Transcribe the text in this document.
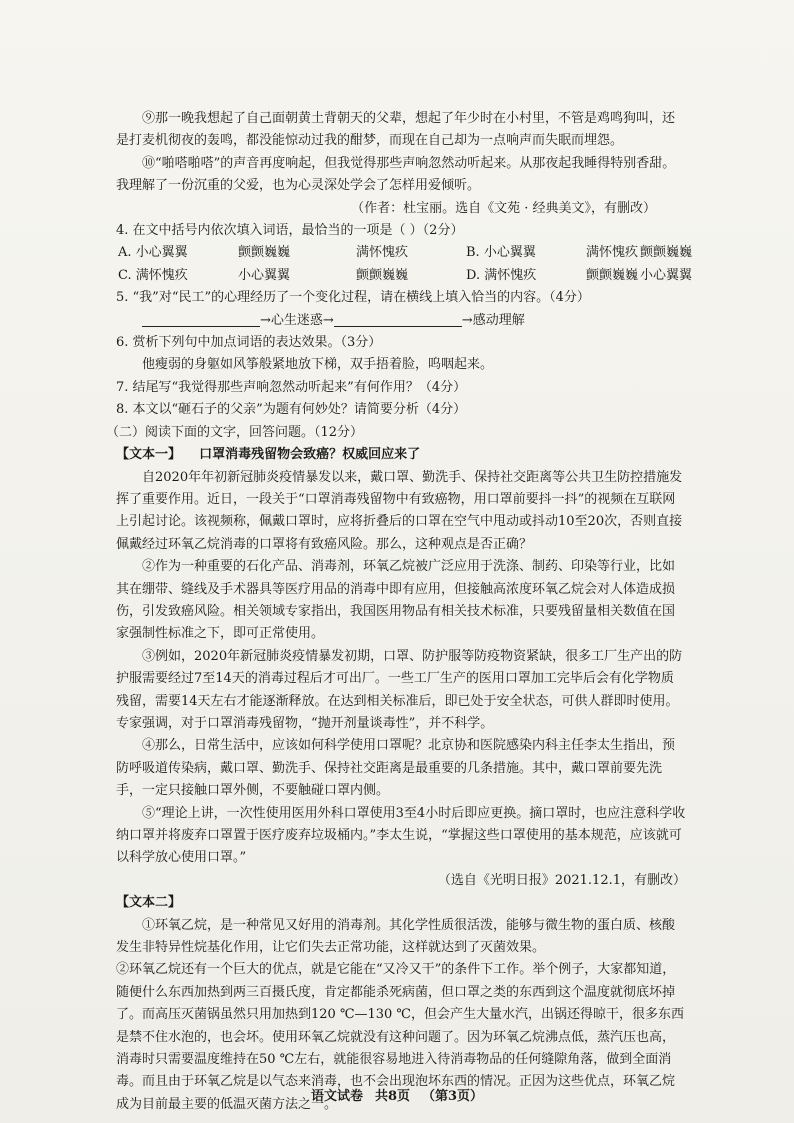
⑨那一晚我想起了自己面朝黄土背朝天的父辈，想起了年少时在小村里，不管是鸡鸣狗叫，还是打麦机彻夜的轰鸣，都没能惊动过我的酣梦，而现在自己却为一点响声而失眠而埋怨。

⑩“啪嗒啪嗒”的声音再度响起，但我觉得那些声响忽然动听起来。从那夜起我睡得特别香甜。我理解了一份沉重的父爱，也为心灵深处学会了怎样用爱倾听。

（作者：杜宝丽。选自《文苑 · 经典美文》，有删改）

4. 在文中括号内依次填入词语，最恰当的一项是（ ）（2分）

A. 小心翼翼	颤颤巍巍	满怀愧疚	B. 小心翼翼	满怀愧疚 颤颤巍巍
C. 满怀愧疚	小心翼翼	颤颤巍巍	D. 满怀愧疚	颤颤巍巍 小心翼翼

5. “我”对“民工”的心理经历了一个变化过程，请在横线上填入恰当的内容。（4分）

→心生迷惑→	→感动理解

6. 赏析下列句中加点词语的表达效果。（3分）

他瘦弱的身躯如风筝般紧地放下梯，双手捂着脸，呜咽起来。

7. 结尾写“我觉得那些声响忽然动听起来”有何作用？（4分）

8. 本文以“砸石子的父亲”为题有何妙处？请简要分析（4分）

（二）阅读下面的文字，回答问题。（12分）

【文本一】 口罩消毒残留物会致癌？权威回应来了

自2020年年初新冠肺炎疫情暴发以来，戴口罩、勤洗手、保持社交距离等公共卫生防控措施发挥了重要作用。近日，一段关于“口罩消毒残留物中有致癌物，用口罩前要抖一抖”的视频在互联网上引起讨论。该视频称，佩戴口罩时，应将折叠后的口罩在空气中甩动或抖动10至20次，否则直接佩戴经过环氧乙烷消毒的口罩将有致癌风险。那么，这种观点是否正确？

②作为一种重要的石化产品、消毒剂，环氧乙烷被广泛应用于洗涤、制药、印染等行业，比如其在绷带、缝线及手术器具等医疗用品的消毒中即有应用，但接触高浓度环氧乙烷会对人体造成损伤，引发致癌风险。相关领域专家指出，我国医用物品有相关技术标准，只要残留量相关数值在国家强制性标准之下，即可正常使用。

③例如，2020年新冠肺炎疫情暴发初期，口罩、防护服等防疫物资紧缺，很多工厂生产出的防护服需要经过7至14天的消毒过程后才可出厂。一些工厂生产的医用口罩加工完毕后会有化学物质残留，需要14天左右才能逐渐释放。在达到相关标准后，即已处于安全状态，可供人群即时使用。专家强调，对于口罩消毒残留物，“抛开剂量谈毒性”，并不科学。

④那么，日常生活中，应该如何科学使用口罩呢？北京协和医院感染内科主任李太生指出，预防呼吸道传染病，戴口罩、勤洗手、保持社交距离是最重要的几条措施。其中，戴口罩前要先洗手，一定只接触口罩外侧，不要触碰口罩内侧。

⑤“理论上讲，一次性使用医用外科口罩使用3至4小时后即应更换。摘口罩时，也应注意科学收纳口罩并将废弃口罩置于医疗废弃垃圾桶内。”李太生说，“掌握这些口罩使用的基本规范，应该就可以科学放心使用口罩。”

（选自《光明日报》2021.12.1，有删改）

【文本二】

①环氧乙烷，是一种常见又好用的消毒剂。其化学性质很活泼，能够与微生物的蛋白质、核酸发生非特异性烷基化作用，让它们失去正常功能，这样就达到了灭菌效果。

②环氧乙烷还有一个巨大的优点，就是它能在“又冷又干”的条件下工作。举个例子，大家都知道，随便什么东西加热到两三百摄氏度，肯定都能杀死病菌，但口罩之类的东西到这个温度就彻底坏掉了。而高压灭菌锅虽然只用加热到120 ℃—130 ℃，但会产生大量水汽，出锅还得晾干，很多东西是禁不住水泡的，也会坏。使用环氧乙烷就没有这种问题了。因为环氧乙烷沸点低，蒸汽压也高，消毒时只需要温度维持在50 ℃左右，就能很容易地进入待消毒物品的任何缝隙角落，做到全面消毒。而且由于环氧乙烷是以气态来消毒，也不会出现泡坏东西的情况。正因为这些优点，环氧乙烷成为目前最主要的低温灭菌方法之一。

语文试卷 共8页 （第3页）
